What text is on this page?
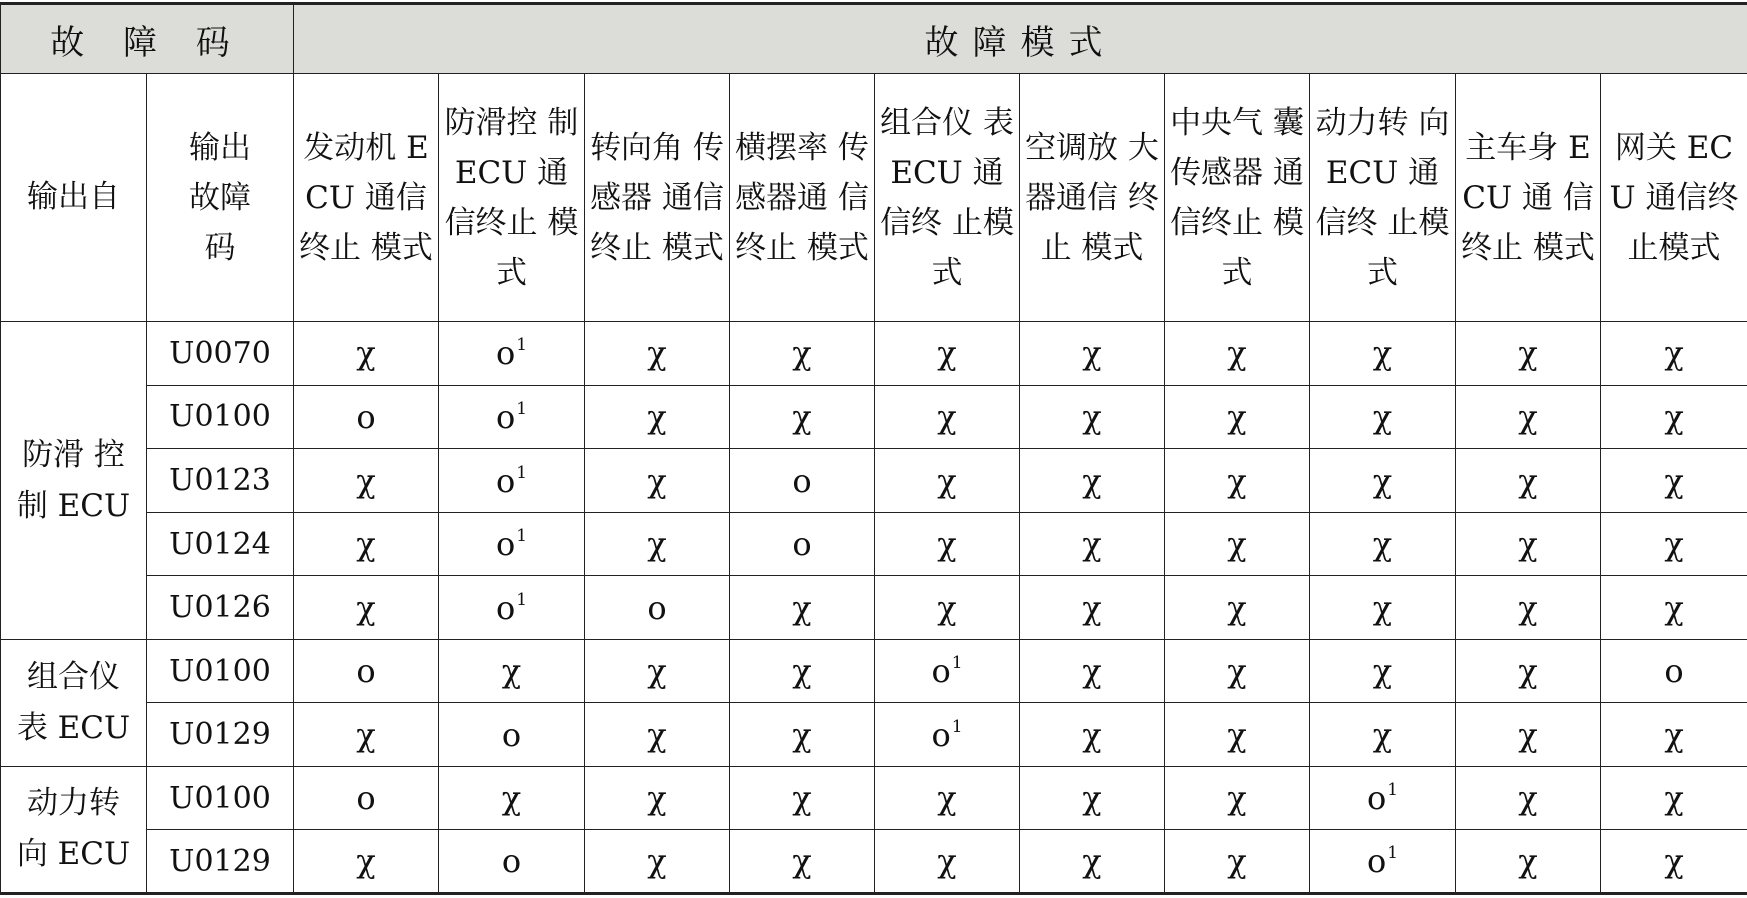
故 障 码		故障模式									
输出自	输出故障码	发动机 ECU 通信终止 模式	防滑控 制 ECU 通 信终止 模式	转向角 传感器 通信终止 模式	横摆率 传感器通 信终止 模式	组合仪 表 ECU 通信终 止模式	空调放 大器通信 终止 模式	中央气 囊传感器 通信终止 模式	动力转 向 ECU 通信终 止模式	主车身 ECU 通 信终止 模式	网关 ECU 通信终 止模式
防滑 控制 ECU	U0070	χ	$o^1$	χ	χ	χ	χ	χ	χ	χ	χ
	U0100	o	$o^1$	χ	χ	χ	χ	χ	χ	χ	χ
	U0123	χ	$o^1$	χ	o	χ	χ	χ	χ	χ	χ
	U0124	χ	$o^1$	χ	o	χ	χ	χ	χ	χ	χ
	U0126	χ	$o^1$	o	χ	χ	χ	χ	χ	χ	χ
组合仪 表 ECU	U0100	o	χ	χ	χ	$o^1$	χ	χ	χ	χ	o
	U0129	χ	o	χ	χ	$o^1$	χ	χ	χ	χ	χ
动力转 向 ECU	U0100	o	χ	χ	χ	χ	χ	χ	$o^1$	χ	χ
	U0129	χ	o	χ	χ	χ	χ	χ	$o^1$	χ	χ
